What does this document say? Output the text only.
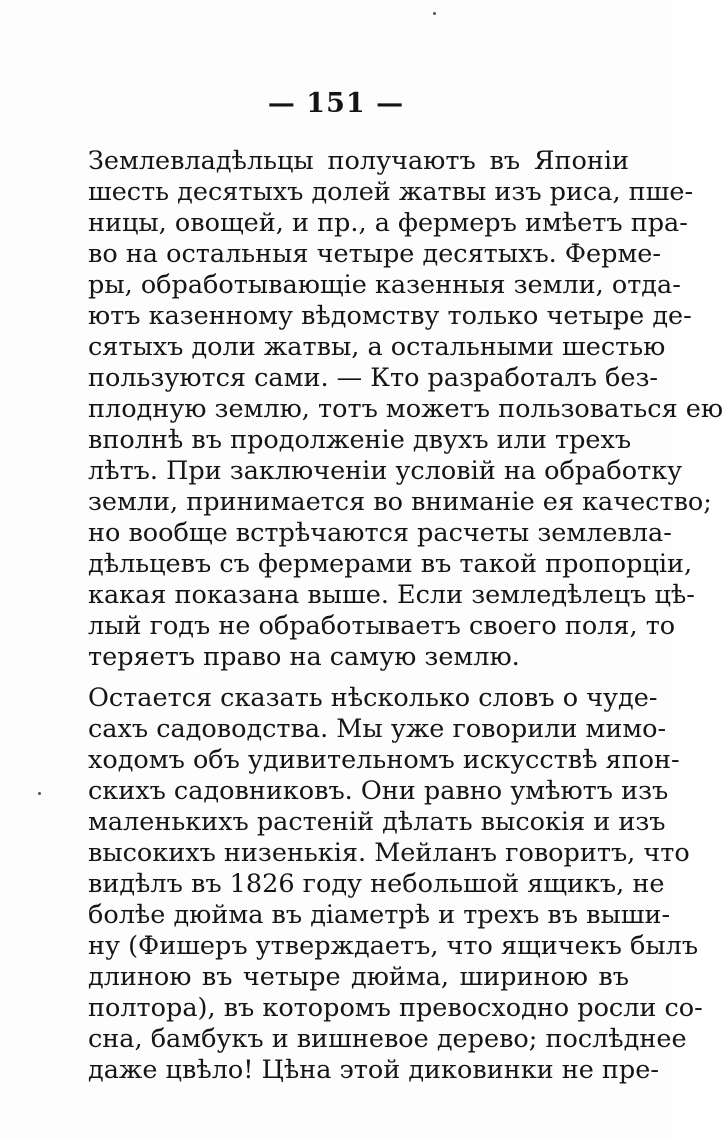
— 151 —
Землевладѣльцы получаютъ въ Японіи
шесть десятыхъ долей жатвы изъ риса, пше-
ницы, овощей, и пр., а фермеръ имѣетъ пра-
во на остальныя четыре десятыхъ. Ферме-
ры, обработывающіе казенныя земли, отда-
ютъ казенному вѣдомству только четыре де-
сятыхъ доли жатвы, а остальными шестью
пользуются сами. — Кто разработалъ без-
плодную землю, тотъ можетъ пользоваться ею
вполнѣ въ продолженіе двухъ или трехъ
лѣтъ. При заключеніи условій на обработку
земли, принимается во вниманіе ея качество;
но вообще встрѣчаются расчеты землевла-
дѣльцевъ съ фермерами въ такой пропорціи,
какая показана выше. Если земледѣлецъ цѣ-
лый годъ не обработываетъ своего поля, то
теряетъ право на самую землю.
Остается сказать нѣсколько словъ о чуде-
сахъ садоводства. Мы уже говорили мимо-
ходомъ объ удивительномъ искусствѣ япон-
скихъ садовниковъ. Они равно умѣютъ изъ
маленькихъ растеній дѣлать высокія и изъ
высокихъ низенькія. Мейланъ говоритъ, что
видѣлъ въ 1826 году небольшой ящикъ, не
болѣе дюйма въ діаметрѣ и трехъ въ выши-
ну (Фишеръ утверждаетъ, что ящичекъ былъ
длиною въ четыре дюйма, шириною въ
полтора), въ которомъ превосходно росли со-
сна, бамбукъ и вишневое дерево; послѣднее
даже цвѣло! Цѣна этой диковинки не пре-
